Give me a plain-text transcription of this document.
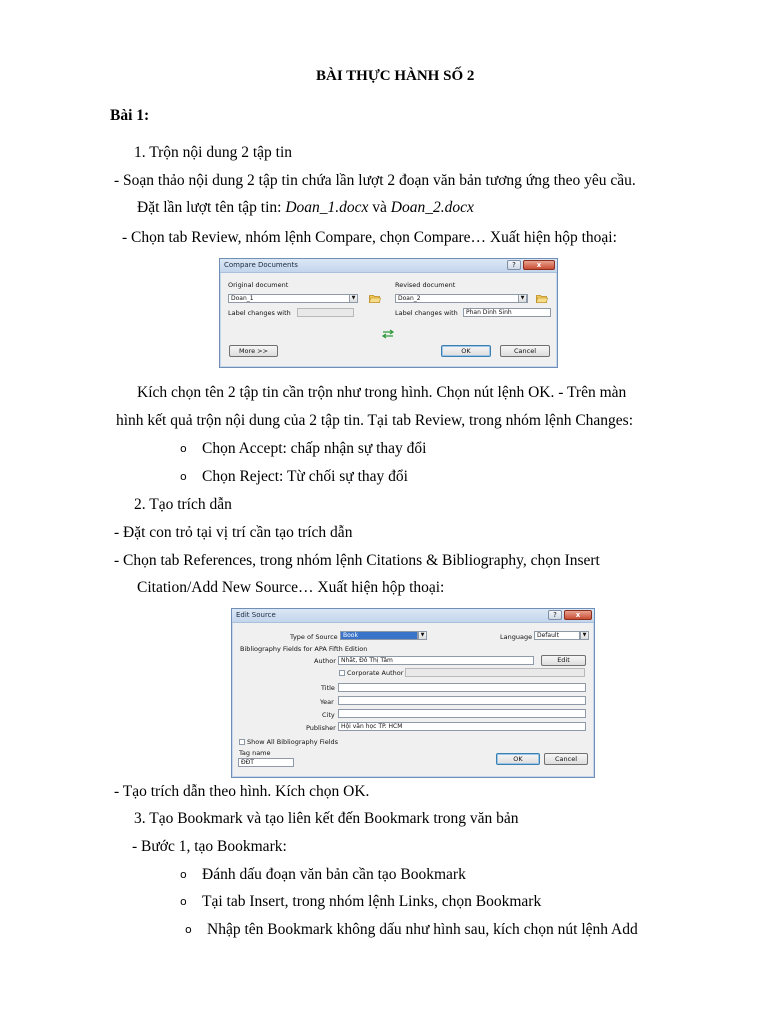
BÀI THỰC HÀNH SỐ 2
Bài 1:
1. Trộn nội dung 2 tập tin
- Soạn thảo nội dung 2 tập tin chứa lần lượt 2 đoạn văn bản tương ứng theo yêu cầu.
Đặt lần lượt tên tập tin: Doan_1.docx và Doan_2.docx
- Chọn tab Review, nhóm lệnh Compare, chọn Compare… Xuất hiện hộp thoại:
Compare Documents	?	x
Original document
Doan_1	▼
Label changes with
Revised document
Doan_2	▼
Label changes with	Phan Dinh Sinh
More >>	OK	Cancel
Kích chọn tên 2 tập tin cần trộn như trong hình. Chọn nút lệnh OK. - Trên màn
hình kết quả trộn nội dung của 2 tập tin. Tại tab Review, trong nhóm lệnh Changes:
o Chọn Accept: chấp nhận sự thay đổi
o Chọn Reject: Từ chối sự thay đổi
2. Tạo trích dẫn
- Đặt con trỏ tại vị trí cần tạo trích dẫn
- Chọn tab References, trong nhóm lệnh Citations & Bibliography, chọn Insert
Citation/Add New Source… Xuất hiện hộp thoại:
Edit Source	?	x
Type of Source Book	▼	Language Default	▼
Bibliography Fields for APA Fifth Edition
Author Nhất, Đỗ Thị Tâm	Edit
Corporate Author
Title
Year
City
Publisher Hội văn học TP. HCM
Show All Bibliography Fields
Tag name
ĐĐT	OK	Cancel
- Tạo trích dẫn theo hình. Kích chọn OK.
3. Tạo Bookmark và tạo liên kết đến Bookmark trong văn bản
- Bước 1, tạo Bookmark:
o Đánh dấu đoạn văn bản cần tạo Bookmark
o Tại tab Insert, trong nhóm lệnh Links, chọn Bookmark
o Nhập tên Bookmark không dấu như hình sau, kích chọn nút lệnh Add
